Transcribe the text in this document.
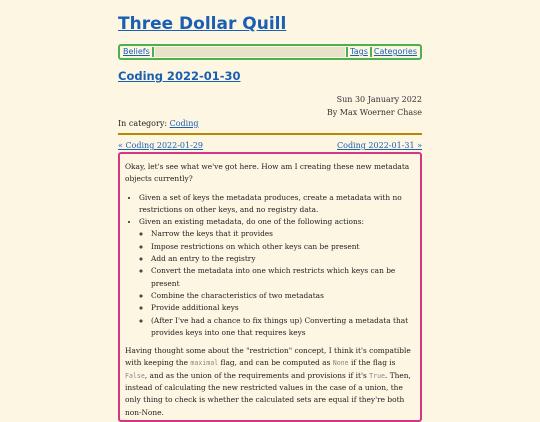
Three Dollar Quill
Beliefs	Tags Categories
Coding 2022-01-30
Sun 30 January 2022
By Max Woerner Chase
In category: Coding
« Coding 2022-01-29	Coding 2022-01-31 »

Okay, let's see what we've got here. How am I creating these new metadata objects currently?

• Given a set of keys the metadata produces, create a metadata with no restrictions on other keys, and no registry data.
• Given an existing metadata, do one of the following actions:
◦ Narrow the keys that it provides
◦ Impose restrictions on which other keys can be present
◦ Add an entry to the registry
◦ Convert the metadata into one which restricts which keys can be present
◦ Combine the characteristics of two metadatas
◦ Provide additional keys
◦ (After I've had a chance to fix things up) Converting a metadata that provides keys into one that requires keys

Having thought some about the "restriction" concept, I think it's compatible with keeping the maximal flag, and can be computed as None if the flag is False, and as the union of the requirements and provisions if it's True. Then, instead of calculating the new restricted values in the case of a union, the only thing to check is whether the calculated sets are equal if they're both non-None.
